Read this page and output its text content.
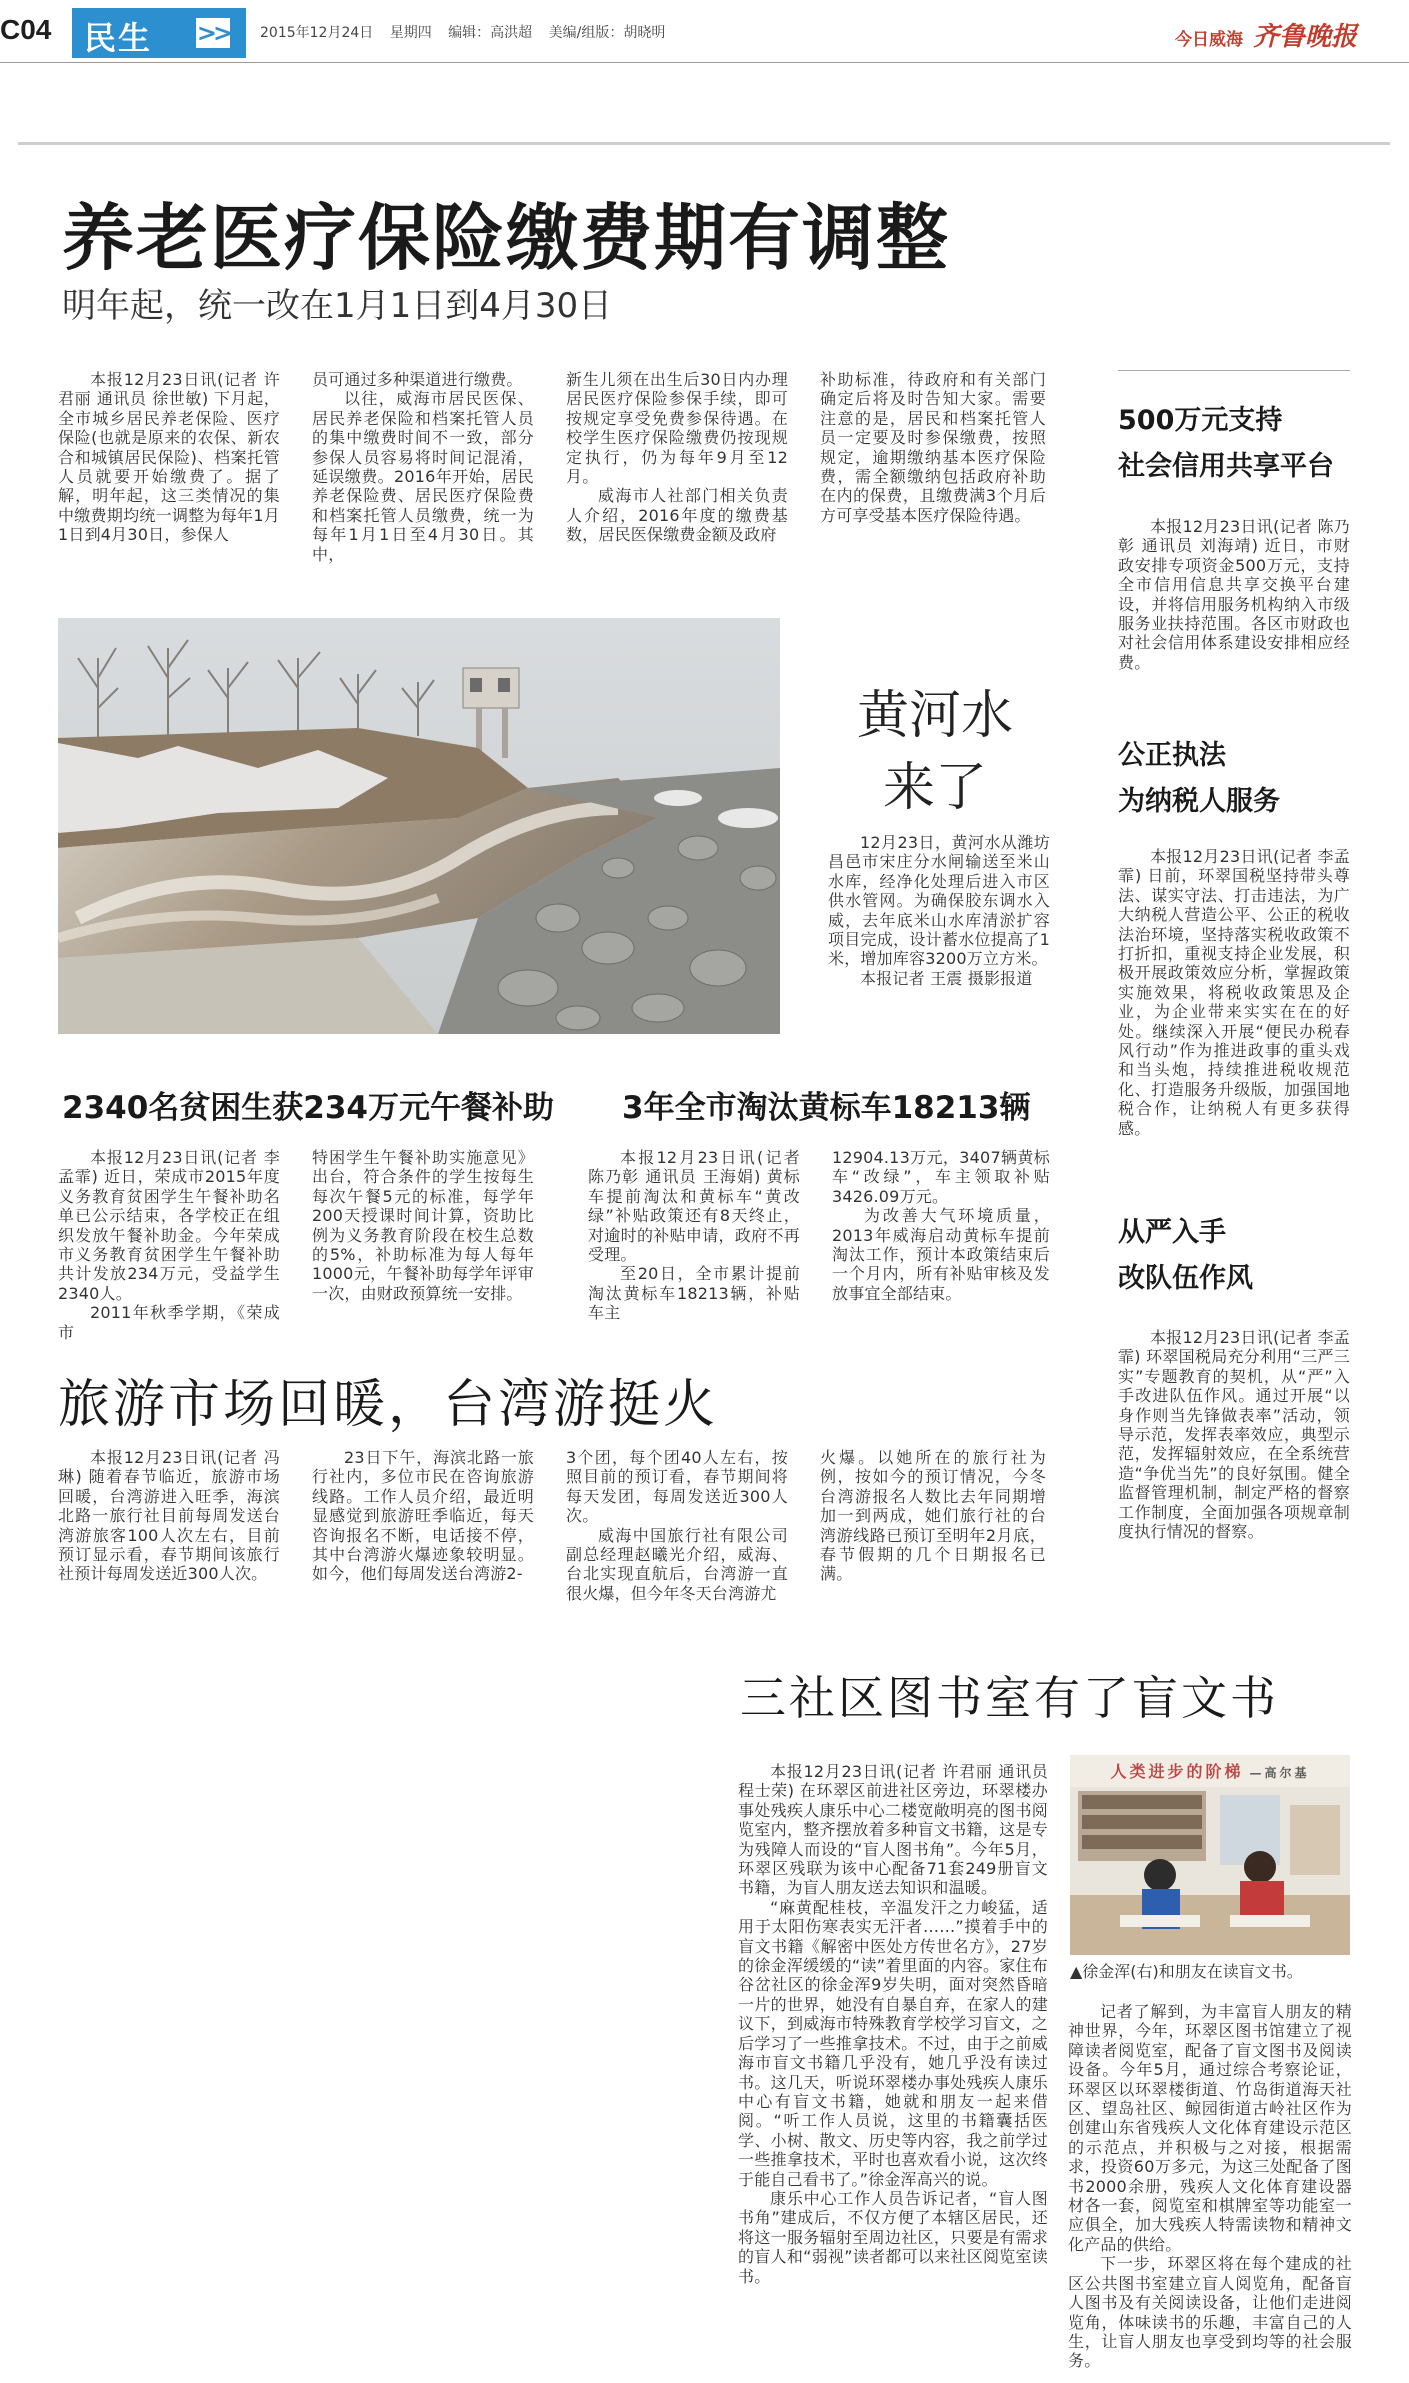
C04 民生 >> 2015年12月24日 星期四 编辑：高洪超 美编/组版：胡晓明	今日威海 齐鲁晚报
养老医疗保险缴费期有调整
明年起，统一改在1月1日到4月30日

本报12月23日讯(记者 许君丽 通讯员 徐世敏) 下月起，全市城乡居民养老保险、医疗保险(也就是原来的农保、新农合和城镇居民保险)、档案托管人员就要开始缴费了。据了解，明年起，这三类情况的集中缴费期均统一调整为每年1月1日到4月30日，参保人

员可通过多种渠道进行缴费。

以往，威海市居民医保、居民养老保险和档案托管人员的集中缴费时间不一致，部分参保人员容易将时间记混淆，延误缴费。2016年开始，居民养老保险费、居民医疗保险费和档案托管人员缴费，统一为每年1月1日至4月30日。其中，

新生儿须在出生后30日内办理居民医疗保险参保手续，即可按规定享受免费参保待遇。在校学生医疗保险缴费仍按现规定执行，仍为每年9月至12月。

威海市人社部门相关负责人介绍，2016年度的缴费基数，居民医保缴费金额及政府

补助标准，待政府和有关部门确定后将及时告知大家。需要注意的是，居民和档案托管人员一定要及时参保缴费，按照规定，逾期缴纳基本医疗保险费，需全额缴纳包括政府补助在内的保费，且缴费满3个月后方可享受基本医疗保险待遇。

黄河水
来了

12月23日，黄河水从潍坊昌邑市宋庄分水闸输送至米山水库，经净化处理后进入市区供水管网。为确保胶东调水入威，去年底米山水库清淤扩容项目完成，设计蓄水位提高了1米，增加库容3200万立方米。

本报记者 王震 摄影报道

500万元支持
社会信用共享平台

本报12月23日讯(记者 陈乃彰 通讯员 刘海靖) 近日，市财政安排专项资金500万元，支持全市信用信息共享交换平台建设，并将信用服务机构纳入市级服务业扶持范围。各区市财政也对社会信用体系建设安排相应经费。

公正执法
为纳税人服务

本报12月23日讯(记者 李孟霏) 日前，环翠国税坚持带头尊法、谋实守法、打击违法，为广大纳税人营造公平、公正的税收法治环境，坚持落实税收政策不打折扣，重视支持企业发展，积极开展政策效应分析，掌握政策实施效果，将税收政策思及企业，为企业带来实实在在的好处。继续深入开展“便民办税春风行动”作为推进政事的重头戏和当头炮，持续推进税收规范化、打造服务升级版，加强国地税合作，让纳税人有更多获得感。

从严入手
改队伍作风

本报12月23日讯(记者 李孟霏) 环翠国税局充分利用“三严三实”专题教育的契机，从“严”入手改进队伍作风。通过开展“以身作则当先锋做表率”活动，领导示范，发挥表率效应，典型示范，发挥辐射效应，在全系统营造“争优当先”的良好氛围。健全监督管理机制，制定严格的督察工作制度，全面加强各项规章制度执行情况的督察。

2340名贫困生获234万元午餐补助

本报12月23日讯(记者 李孟霏) 近日，荣成市2015年度义务教育贫困学生午餐补助名单已公示结束，各学校正在组织发放午餐补助金。今年荣成市义务教育贫困学生午餐补助共计发放234万元，受益学生2340人。

2011年秋季学期，《荣成市

特困学生午餐补助实施意见》出台，符合条件的学生按每生每次午餐5元的标准，每学年200天授课时间计算，资助比例为义务教育阶段在校生总数的5%，补助标准为每人每年1000元，午餐补助每学年评审一次，由财政预算统一安排。

3年全市淘汰黄标车18213辆

本报12月23日讯(记者 陈乃彰 通讯员 王海娟) 黄标车提前淘汰和黄标车“黄改绿”补贴政策还有8天终止，对逾时的补贴申请，政府不再受理。

至20日，全市累计提前淘汰黄标车18213辆，补贴车主

12904.13万元，3407辆黄标车“改绿”，车主领取补贴3426.09万元。

为改善大气环境质量，2013年威海启动黄标车提前淘汰工作，预计本政策结束后一个月内，所有补贴审核及发放事宜全部结束。

旅游市场回暖，台湾游挺火

本报12月23日讯(记者 冯琳) 随着春节临近，旅游市场回暖，台湾游进入旺季，海滨北路一旅行社目前每周发送台湾游旅客100人次左右，目前预订显示看，春节期间该旅行社预计每周发送近300人次。

23日下午，海滨北路一旅行社内，多位市民在咨询旅游线路。工作人员介绍，最近明显感觉到旅游旺季临近，每天咨询报名不断，电话接不停，其中台湾游火爆迹象较明显。如今，他们每周发送台湾游2-

3个团，每个团40人左右，按照目前的预订看，春节期间将每天发团，每周发送近300人次。

威海中国旅行社有限公司副总经理赵曦光介绍，威海、台北实现直航后，台湾游一直很火爆，但今年冬天台湾游尤

火爆。以她所在的旅行社为例，按如今的预订情况，今冬台湾游报名人数比去年同期增加一到两成，她们旅行社的台湾游线路已预订至明年2月底，春节假期的几个日期报名已满。

三社区图书室有了盲文书

本报12月23日讯(记者 许君丽 通讯员 程士荣) 在环翠区前进社区旁边，环翠楼办事处残疾人康乐中心二楼宽敞明亮的图书阅览室内，整齐摆放着多种盲文书籍，这是专为残障人而设的“盲人图书角”。今年5月，环翠区残联为该中心配备71套249册盲文书籍，为盲人朋友送去知识和温暖。

“麻黄配桂枝，辛温发汗之力峻猛，适用于太阳伤寒表实无汗者……”摸着手中的盲文书籍《解密中医处方传世名方》，27岁的徐金浑缓缓的“读”着里面的内容。家住布谷岔社区的徐金浑9岁失明，面对突然昏暗一片的世界，她没有自暴自弃，在家人的建议下，到威海市特殊教育学校学习盲文，之后学习了一些推拿技术。不过，由于之前威海市盲文书籍几乎没有，她几乎没有读过书。这几天，听说环翠楼办事处残疾人康乐中心有盲文书籍，她就和朋友一起来借阅。“听工作人员说，这里的书籍囊括医学、小树、散文、历史等内容，我之前学过一些推拿技术，平时也喜欢看小说，这次终于能自己看书了。”徐金浑高兴的说。

康乐中心工作人员告诉记者，“盲人图书角”建成后，不仅方便了本辖区居民，还将这一服务辐射至周边社区，只要是有需求的盲人和“弱视”读者都可以来社区阅览室读书。

人类进步的阶梯 —高尔基
▲徐金浑(右)和朋友在读盲文书。

记者了解到，为丰富盲人朋友的精神世界，今年，环翠区图书馆建立了视障读者阅览室，配备了盲文图书及阅读设备。今年5月，通过综合考察论证，环翠区以环翠楼街道、竹岛街道海天社区、望岛社区、鲸园街道古岭社区作为创建山东省残疾人文化体育建设示范区的示范点，并积极与之对接，根据需求，投资60万多元，为这三处配备了图书2000余册，残疾人文化体育建设器材各一套，阅览室和棋牌室等功能室一应俱全，加大残疾人特需读物和精神文化产品的供给。

下一步，环翠区将在每个建成的社区公共图书室建立盲人阅览角，配备盲人图书及有关阅读设备，让他们走进阅览角，体味读书的乐趣，丰富自己的人生，让盲人朋友也享受到均等的社会服务。
